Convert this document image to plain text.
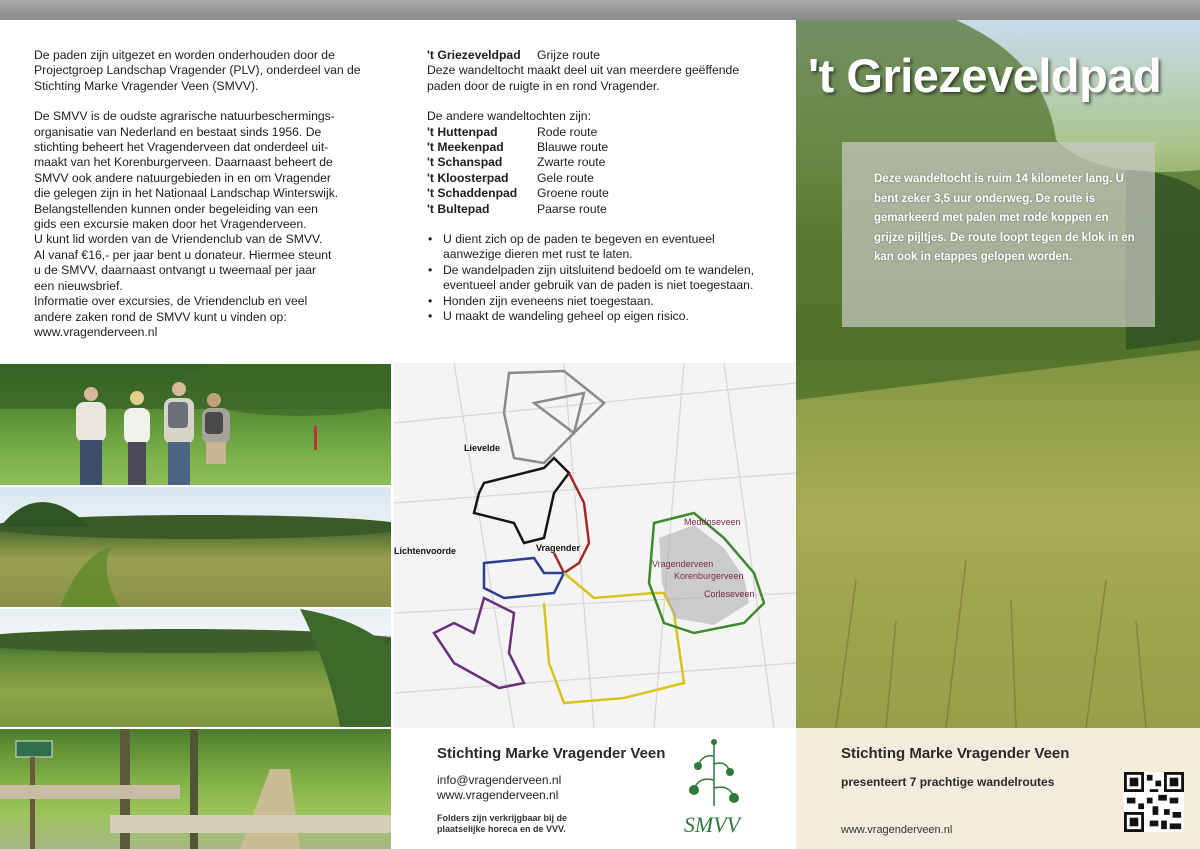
De paden zijn uitgezet en worden onderhouden door de Projectgroep Landschap Vragender (PLV), onderdeel van de Stichting Marke Vragender Veen (SMVV).
De SMVV is de oudste agrarische natuurbeschermings-
organisatie van Nederland en bestaat sinds 1956. De
stichting beheert het Vragenderveen dat onderdeel uit-
maakt van het Korenburgerveen. Daarnaast beheert de
SMVV ook andere natuurgebieden in en om Vragender
die gelegen zijn in het Nationaal Landschap Winterswijk.
Belangstellenden kunnen onder begeleiding van een
gids een excursie maken door het Vragenderveen.
U kunt lid worden van de Vriendenclub van de SMVV.
Al vanaf €16,- per jaar bent u donateur. Hiermee steunt
u de SMVV, daarnaast ontvangt u tweemaal per jaar
een nieuwsbrief.
Informatie over excursies, de Vriendenclub en veel
andere zaken rond de SMVV kunt u vinden op:
www.vragenderveen.nl
't Griezeveldpad	Grijze route
Deze wandeltocht maakt deel uit van meerdere geëffende paden door de ruigte in en rond Vragender.
De andere wandeltochten zijn:
't Huttenpad	Rode route
't Meekenpad	Blauwe route
't Schanspad	Zwarte route
't Kloosterpad	Gele route
't Schaddenpad	Groene route
't Bultepad	Paarse route
• U dient zich op de paden te begeven en eventueel aanwezige dieren met rust te laten.
• De wandelpaden zijn uitsluitend bedoeld om te wandelen, eventueel ander gebruik van de paden is niet toegestaan.
• Honden zijn eveneens niet toegestaan.
• U maakt de wandeling geheel op eigen risico.
Lievelde
Lichtenvoorde	Vragender
Meddoseveen
Vragenderveen
Korenburgerveen
Corleseveen
Stichting Marke Vragender Veen
info@vragenderveen.nl
www.vragenderveen.nl
Folders zijn verkrijgbaar bij de plaatselijke horeca en de VVV.	SMVV
't Griezeveldpad

Deze wandeltocht is ruim 14 kilometer lang. U bent zeker 3,5 uur onderweg. De route is gemarkeerd met palen met rode koppen en grijze pijltjes. De route loopt tegen de klok in en kan ook in etappes gelopen worden.

Stichting Marke Vragender Veen
presenteert 7 prachtige wandelroutes
www.vragenderveen.nl
